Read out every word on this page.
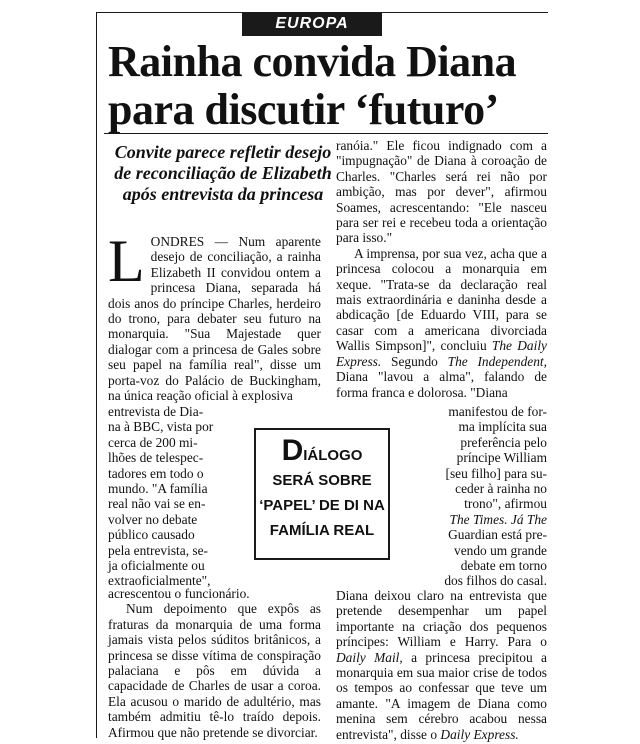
EUROPA
Rainha convida Diana
para discutir ‘futuro’
Convite parece refletir desejo de reconciliação de Elizabeth após entrevista da princesa

LONDRES — Num aparente desejo de conciliação, a rainha Elizabeth II convidou ontem a princesa Diana, separada há dois anos do príncipe Charles, herdeiro do trono, para debater seu futuro na monarquia. "Sua Majestade quer dialogar com a princesa de Gales sobre seu papel na família real", disse um porta-voz do Palácio de Buckingham, na única reação oficial à explosiva

entrevista de Dia-
na à BBC, vista por
cerca de 200 mi-
lhões de telespec-
tadores em todo o
mundo. "A família
real não vai se en-
volver no debate
público causado
pela entrevista, se-
ja oficialmente ou
extraoficialmente",

acrescentou o funcionário.

Num depoimento que expôs as fraturas da monarquia de uma forma jamais vista pelos súditos britânicos, a princesa se disse vítima de conspiração palaciana e pôs em dúvida a capacidade de Charles de usar a coroa. Ela acusou o marido de adultério, mas também admitiu tê-lo traído depois. Afirmou que não pretende se divorciar.

DIÁLOGO
SERÁ SOBRE
‘PAPEL’ DE DI NA
FAMÍLIA REAL

ranóia." Ele ficou indignado com a "impugnação" de Diana à coroação de Charles. "Charles será rei não por ambição, mas por dever", afirmou Soames, acrescentando: "Ele nasceu para ser rei e recebeu toda a orientação para isso."

A imprensa, por sua vez, acha que a princesa colocou a monarquia em xeque. "Trata-se da declaração real mais extraordinária e daninha desde a abdicação [de Eduardo VIII, para se casar com a americana divorciada Wallis Simpson]", concluiu The Daily Express. Segundo The Independent, Diana "lavou a alma", falando de forma franca e dolorosa. "Diana

manifestou de for-
ma implícita sua
preferência pelo
príncipe William
[seu filho] para su-
ceder à rainha no
trono", afirmou
The Times. Já The
Guardian está pre-
vendo um grande
debate em torno
dos filhos do casal.

Diana deixou claro na entrevista que pretende desempenhar um papel importante na criação dos pequenos príncipes: William e Harry. Para o Daily Mail, a princesa precipitou a monarquia em sua maior crise de todos os tempos ao confessar que teve um amante. "A imagem de Diana como menina sem cérebro acabou nessa entrevista", disse o Daily Express.
